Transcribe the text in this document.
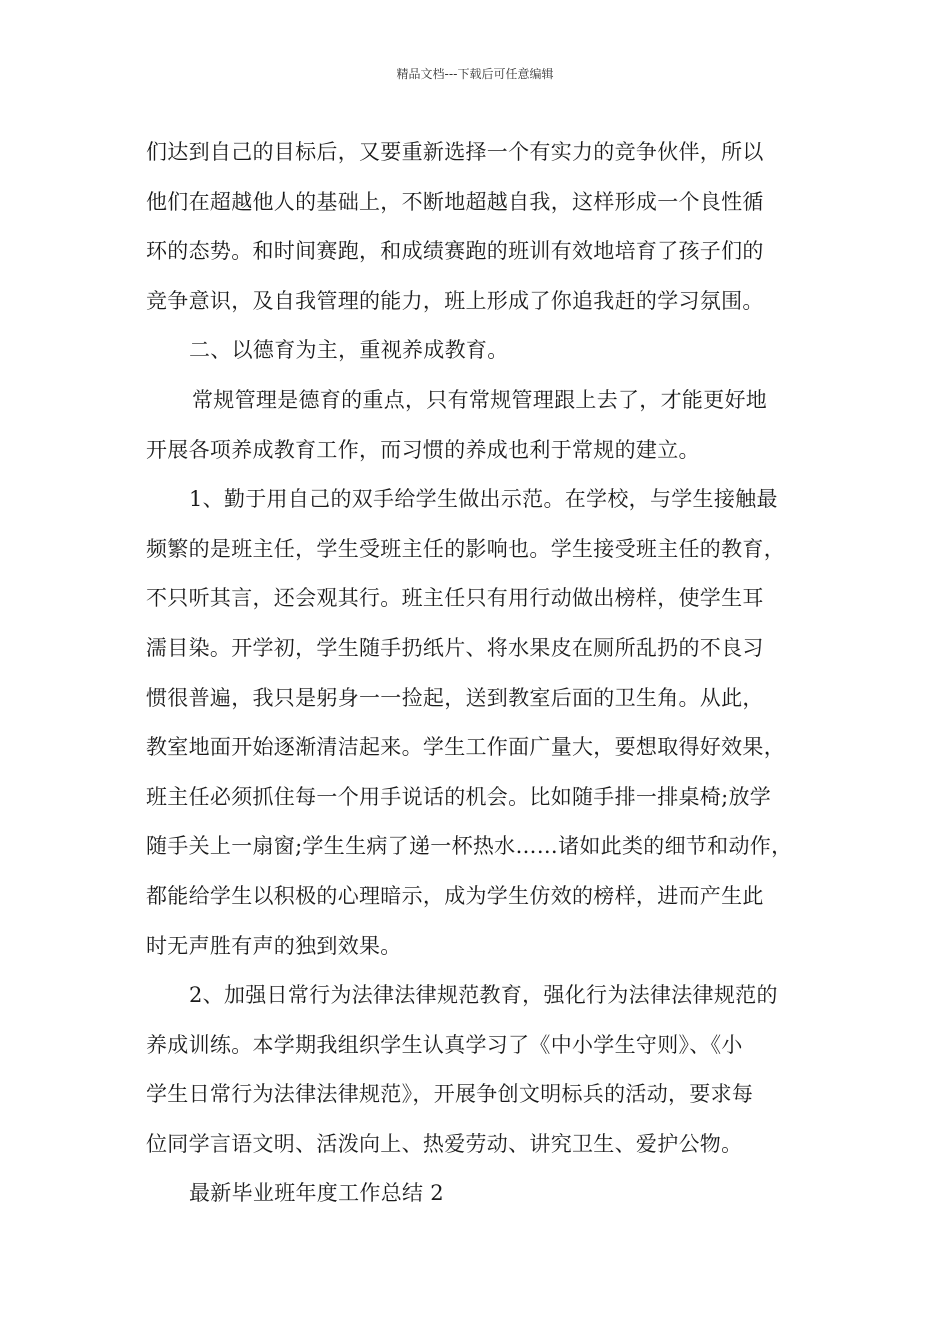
精品文档---下载后可任意编辑
们达到自己的目标后，又要重新选择一个有实力的竞争伙伴，所以
他们在超越他人的基础上，不断地超越自我，这样形成一个良性循
环的态势。和时间赛跑，和成绩赛跑的班训有效地培育了孩子们的
竞争意识，及自我管理的能力，班上形成了你追我赶的学习氛围。
二、以德育为主，重视养成教育。
常规管理是德育的重点，只有常规管理跟上去了，才能更好地
开展各项养成教育工作，而习惯的养成也利于常规的建立。
1、勤于用自己的双手给学生做出示范。在学校，与学生接触最
频繁的是班主任，学生受班主任的影响也。学生接受班主任的教育，
不只听其言，还会观其行。班主任只有用行动做出榜样，使学生耳
濡目染。开学初，学生随手扔纸片、将水果皮在厕所乱扔的不良习
惯很普遍，我只是躬身一一捡起，送到教室后面的卫生角。从此，
教室地面开始逐渐清洁起来。学生工作面广量大，要想取得好效果，
班主任必须抓住每一个用手说话的机会。比如随手排一排桌椅;放学
随手关上一扇窗;学生生病了递一杯热水……诸如此类的细节和动作，
都能给学生以积极的心理暗示，成为学生仿效的榜样，进而产生此
时无声胜有声的独到效果。
2、加强日常行为法律法律规范教育，强化行为法律法律规范的
养成训练。本学期我组织学生认真学习了《中小学生守则》、《小
学生日常行为法律法律规范》，开展争创文明标兵的活动，要求每
位同学言语文明、活泼向上、热爱劳动、讲究卫生、爱护公物。
最新毕业班年度工作总结 2
